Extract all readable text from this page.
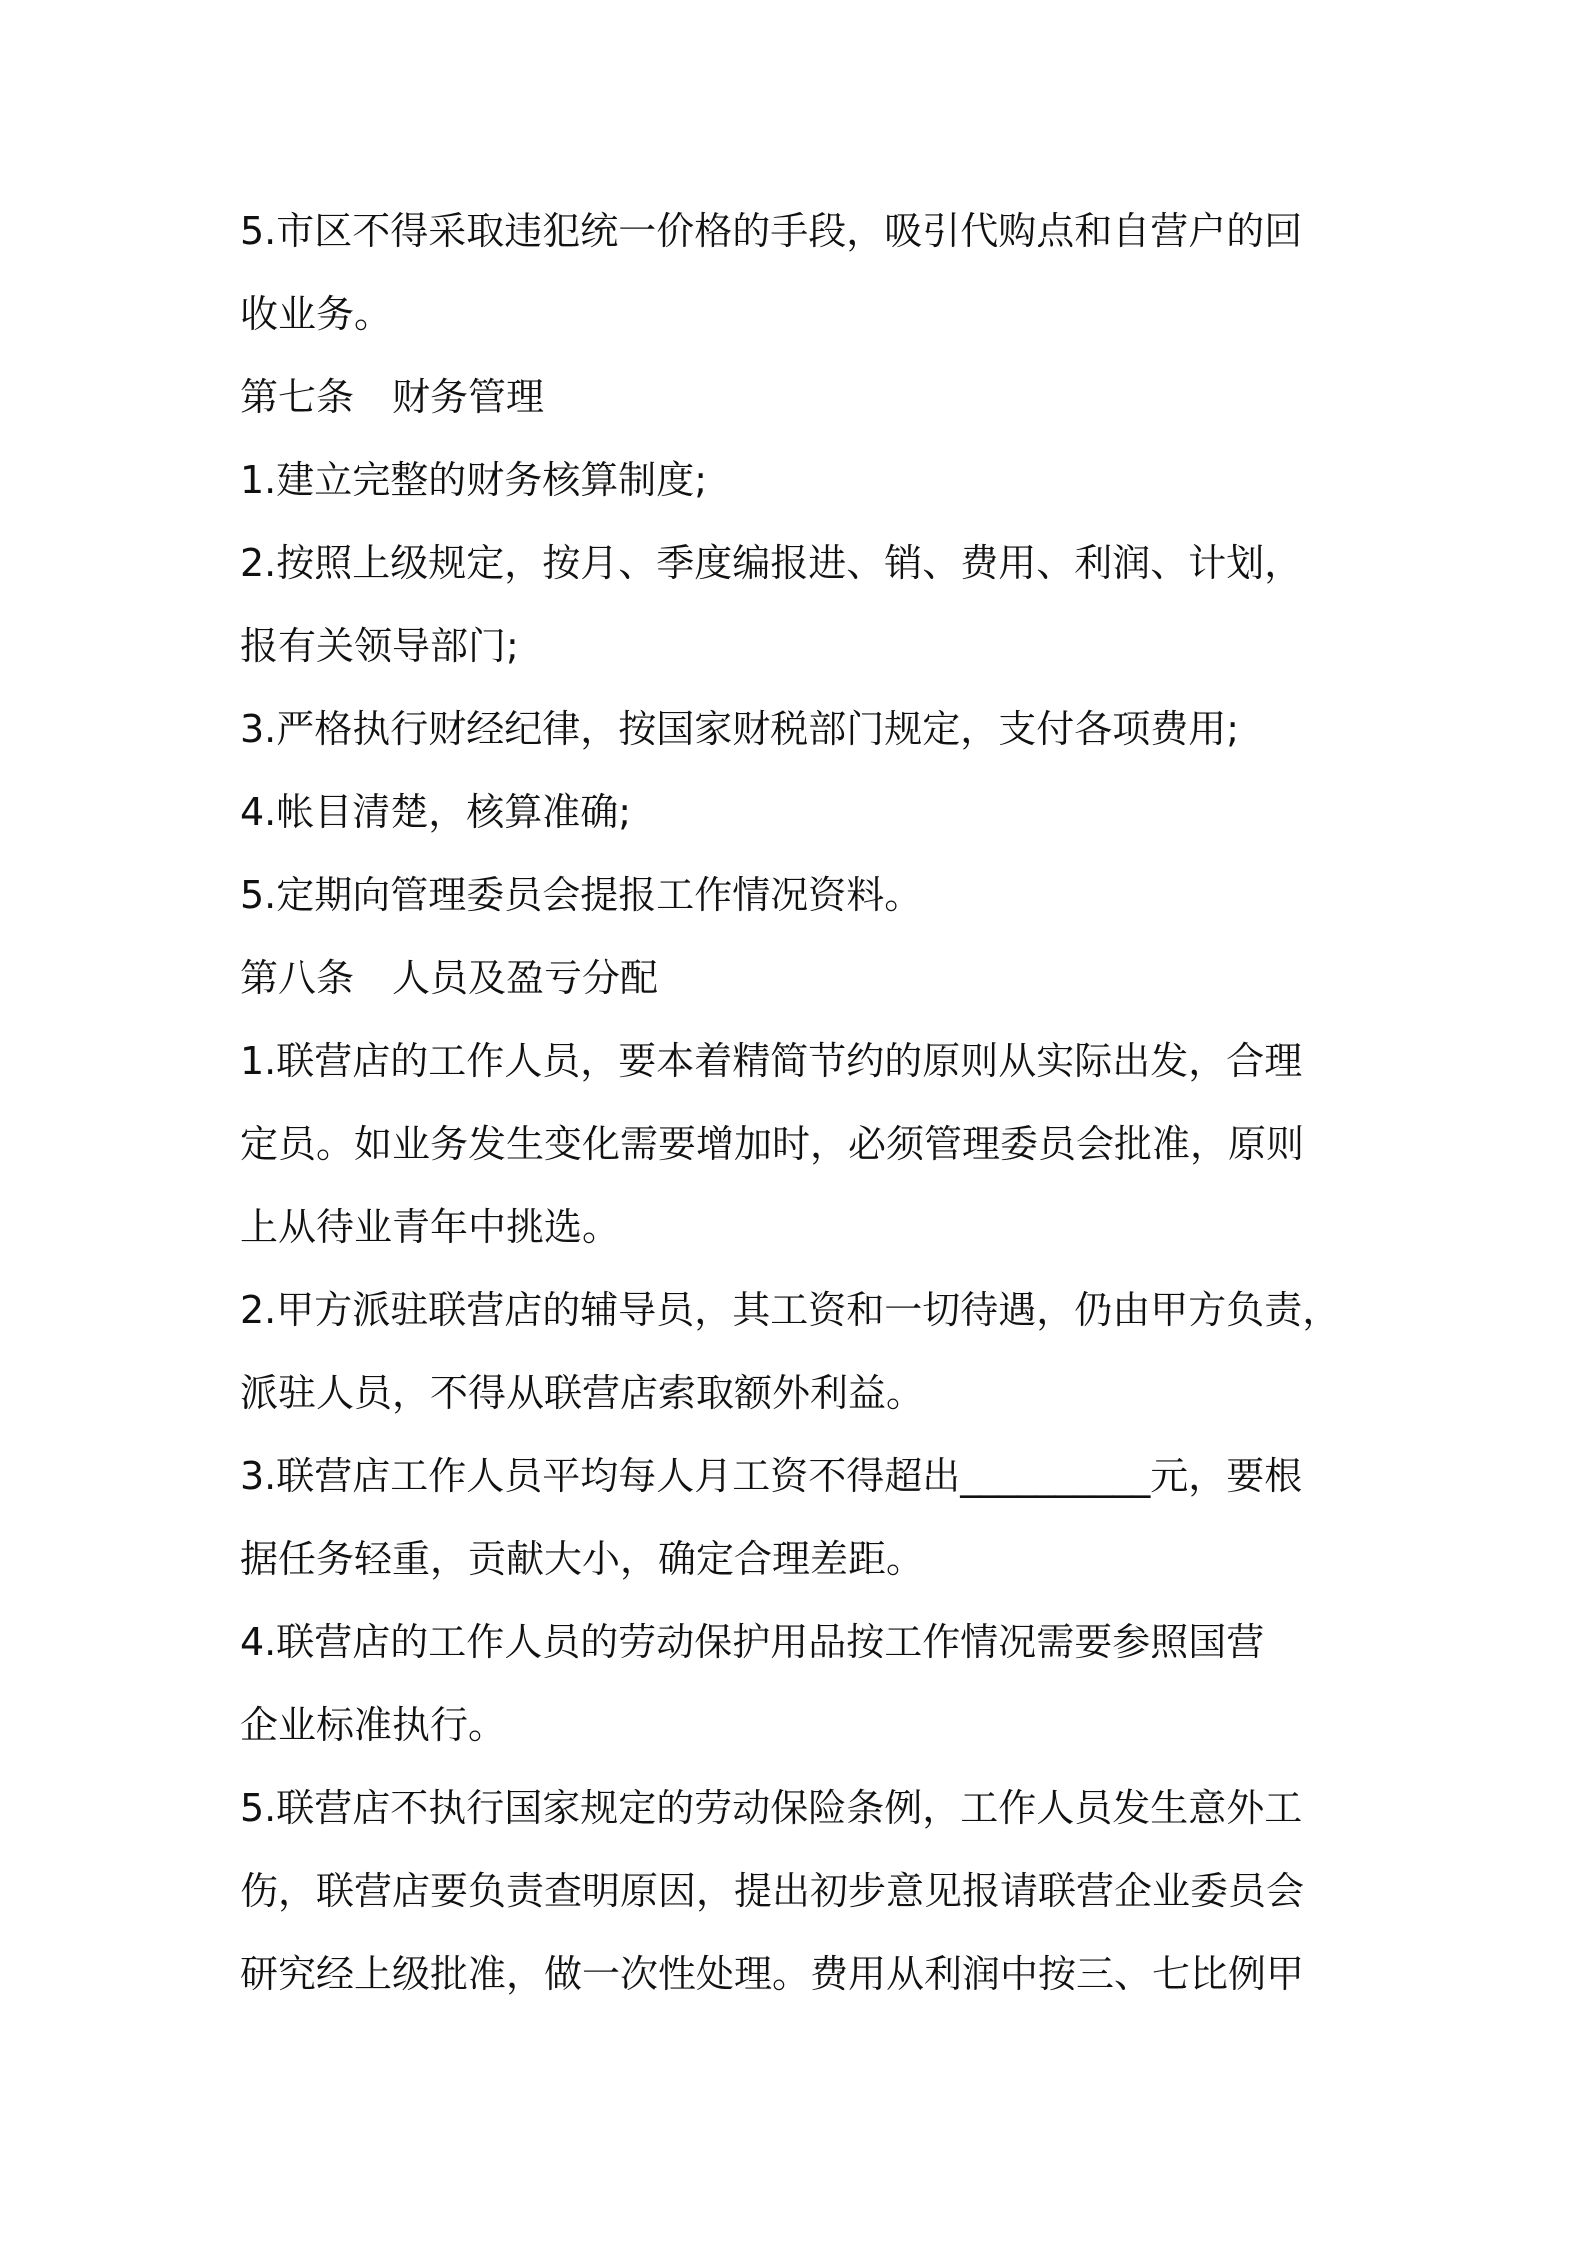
5.市区不得采取违犯统一价格的手段，吸引代购点和自营户的回
收业务。
第七条　财务管理
1.建立完整的财务核算制度;
2.按照上级规定，按月、季度编报进、销、费用、利润、计划，
报有关领导部门;
3.严格执行财经纪律，按国家财税部门规定，支付各项费用;
4.帐目清楚，核算准确;
5.定期向管理委员会提报工作情况资料。
第八条　人员及盈亏分配
1.联营店的工作人员，要本着精简节约的原则从实际出发，合理
定员。如业务发生变化需要增加时，必须管理委员会批准，原则
上从待业青年中挑选。
2.甲方派驻联营店的辅导员，其工资和一切待遇，仍由甲方负责，
派驻人员，不得从联营店索取额外利益。
3.联营店工作人员平均每人月工资不得超出__________元，要根
据任务轻重，贡献大小，确定合理差距。
4.联营店的工作人员的劳动保护用品按工作情况需要参照国营
企业标准执行。
5.联营店不执行国家规定的劳动保险条例，工作人员发生意外工
伤，联营店要负责查明原因，提出初步意见报请联营企业委员会
研究经上级批准，做一次性处理。费用从利润中按三、七比例甲
